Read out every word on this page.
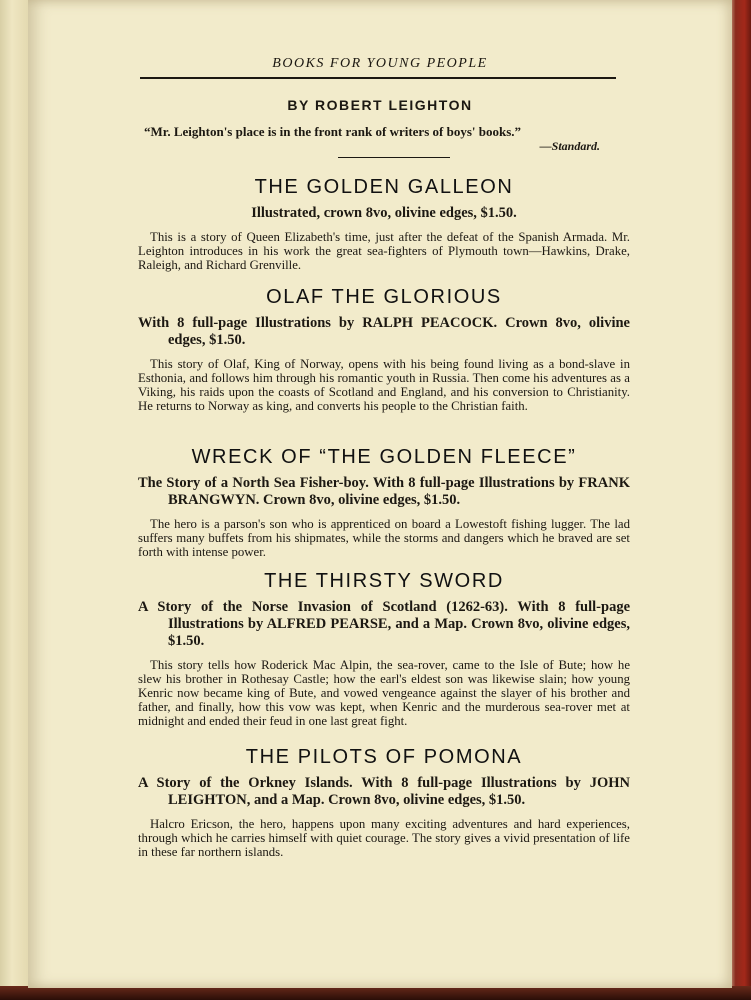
BOOKS FOR YOUNG PEOPLE
BY ROBERT LEIGHTON
“Mr. Leighton's place is in the front rank of writers of boys' books.”
—Standard.
THE GOLDEN GALLEON

Illustrated, crown 8vo, olivine edges, $1.50.

This is a story of Queen Elizabeth's time, just after the defeat of the Spanish Armada. Mr. Leighton introduces in his work the great sea-fighters of Plymouth town—Hawkins, Drake, Raleigh, and Richard Grenville.

OLAF THE GLORIOUS

With 8 full-page Illustrations by RALPH PEACOCK. Crown 8vo, olivine edges, $1.50.

This story of Olaf, King of Norway, opens with his being found living as a bond-slave in Esthonia, and follows him through his romantic youth in Russia. Then come his adventures as a Viking, his raids upon the coasts of Scotland and England, and his conversion to Christianity. He returns to Norway as king, and converts his people to the Christian faith.

WRECK OF “THE GOLDEN FLEECE”

The Story of a North Sea Fisher-boy. With 8 full-page Illustrations by FRANK BRANGWYN. Crown 8vo, olivine edges, $1.50.

The hero is a parson's son who is apprenticed on board a Lowestoft fishing lugger. The lad suffers many buffets from his shipmates, while the storms and dangers which he braved are set forth with intense power.

THE THIRSTY SWORD

A Story of the Norse Invasion of Scotland (1262-63). With 8 full-page Illustrations by ALFRED PEARSE, and a Map. Crown 8vo, olivine edges, $1.50.

This story tells how Roderick Mac Alpin, the sea-rover, came to the Isle of Bute; how he slew his brother in Rothesay Castle; how the earl's eldest son was likewise slain; how young Kenric now became king of Bute, and vowed vengeance against the slayer of his brother and father, and finally, how this vow was kept, when Kenric and the murderous sea-rover met at midnight and ended their feud in one last great fight.

THE PILOTS OF POMONA

A Story of the Orkney Islands. With 8 full-page Illustrations by JOHN LEIGHTON, and a Map. Crown 8vo, olivine edges, $1.50.

Halcro Ericson, the hero, happens upon many exciting adventures and hard experiences, through which he carries himself with quiet courage. The story gives a vivid presentation of life in these far northern islands.
